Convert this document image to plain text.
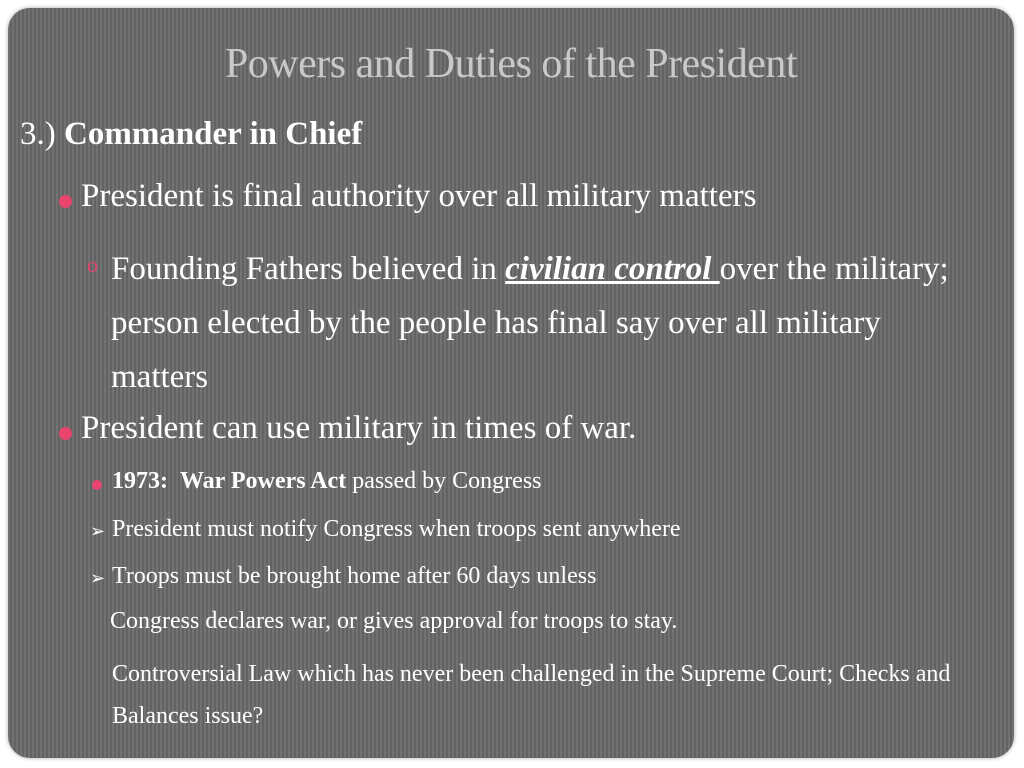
Powers and Duties of the President
3.) Commander in Chief
President is final authority over all military matters
o Founding Fathers believed in civilian control over the military; person elected by the people has final say over all military matters
President can use military in times of war.
1973: War Powers Act passed by Congress
➢ President must notify Congress when troops sent anywhere
➢ Troops must be brought home after 60 days unless
Congress declares war, or gives approval for troops to stay.
Controversial Law which has never been challenged in the Supreme Court; Checks and Balances issue?
